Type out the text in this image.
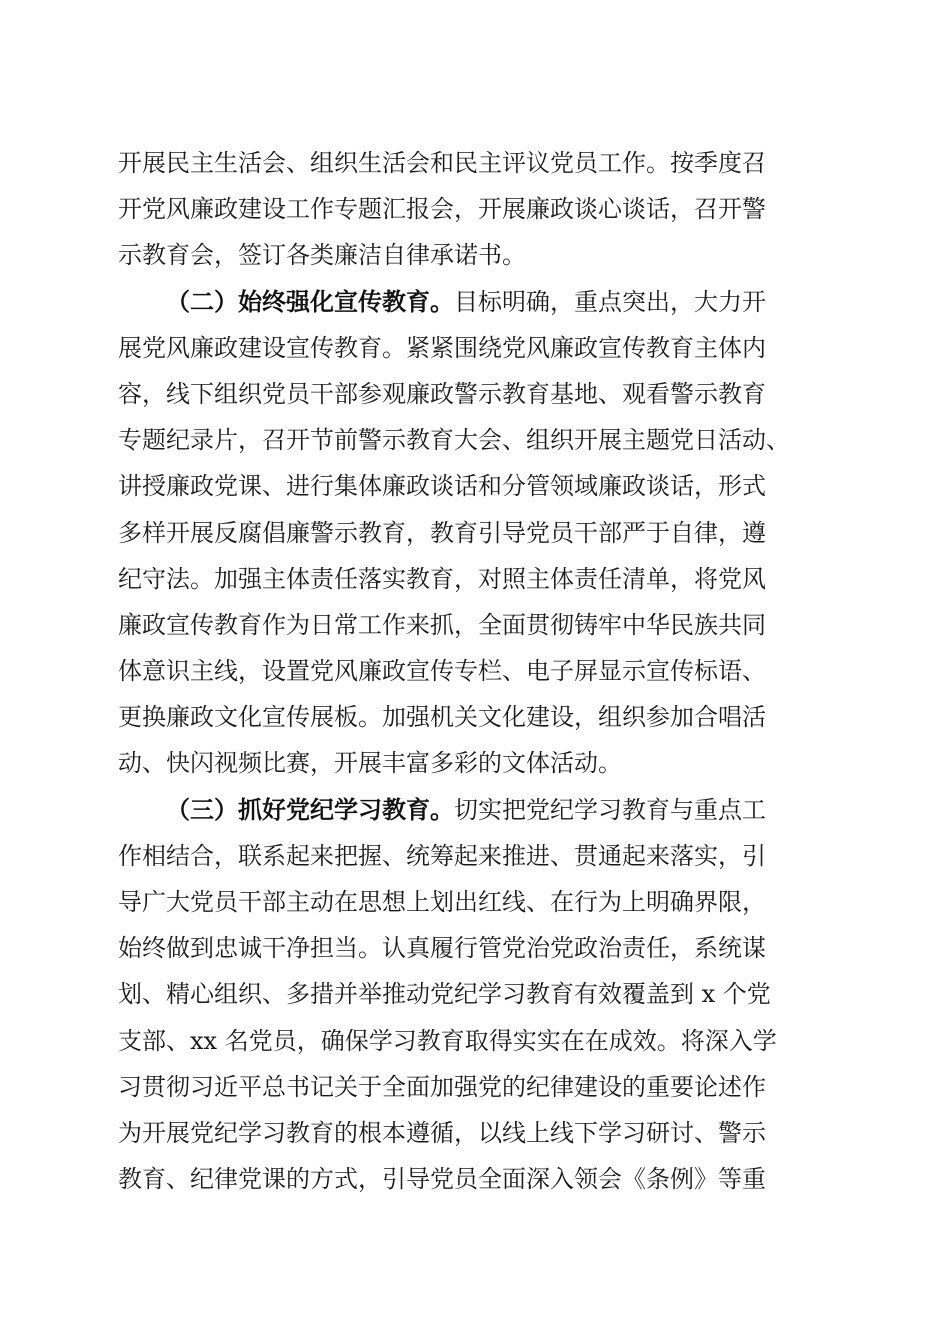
开展民主生活会、组织生活会和民主评议党员工作。按季度召
开党风廉政建设工作专题汇报会，开展廉政谈心谈话，召开警
示教育会，签订各类廉洁自律承诺书。
（二）始终强化宣传教育。目标明确，重点突出，大力开
展党风廉政建设宣传教育。紧紧围绕党风廉政宣传教育主体内
容，线下组织党员干部参观廉政警示教育基地、观看警示教育
专题纪录片，召开节前警示教育大会、组织开展主题党日活动、
讲授廉政党课、进行集体廉政谈话和分管领域廉政谈话，形式
多样开展反腐倡廉警示教育，教育引导党员干部严于自律，遵
纪守法。加强主体责任落实教育，对照主体责任清单，将党风
廉政宣传教育作为日常工作来抓，全面贯彻铸牢中华民族共同
体意识主线，设置党风廉政宣传专栏、电子屏显示宣传标语、
更换廉政文化宣传展板。加强机关文化建设，组织参加合唱活
动、快闪视频比赛，开展丰富多彩的文体活动。
（三）抓好党纪学习教育。切实把党纪学习教育与重点工
作相结合，联系起来把握、统筹起来推进、贯通起来落实，引
导广大党员干部主动在思想上划出红线、在行为上明确界限，
始终做到忠诚干净担当。认真履行管党治党政治责任，系统谋
划、精心组织、多措并举推动党纪学习教育有效覆盖到 x 个党
支部、xx 名党员，确保学习教育取得实实在在成效。将深入学
习贯彻习近平总书记关于全面加强党的纪律建设的重要论述作
为开展党纪学习教育的根本遵循，以线上线下学习研讨、警示
教育、纪律党课的方式，引导党员全面深入领会《条例》等重
